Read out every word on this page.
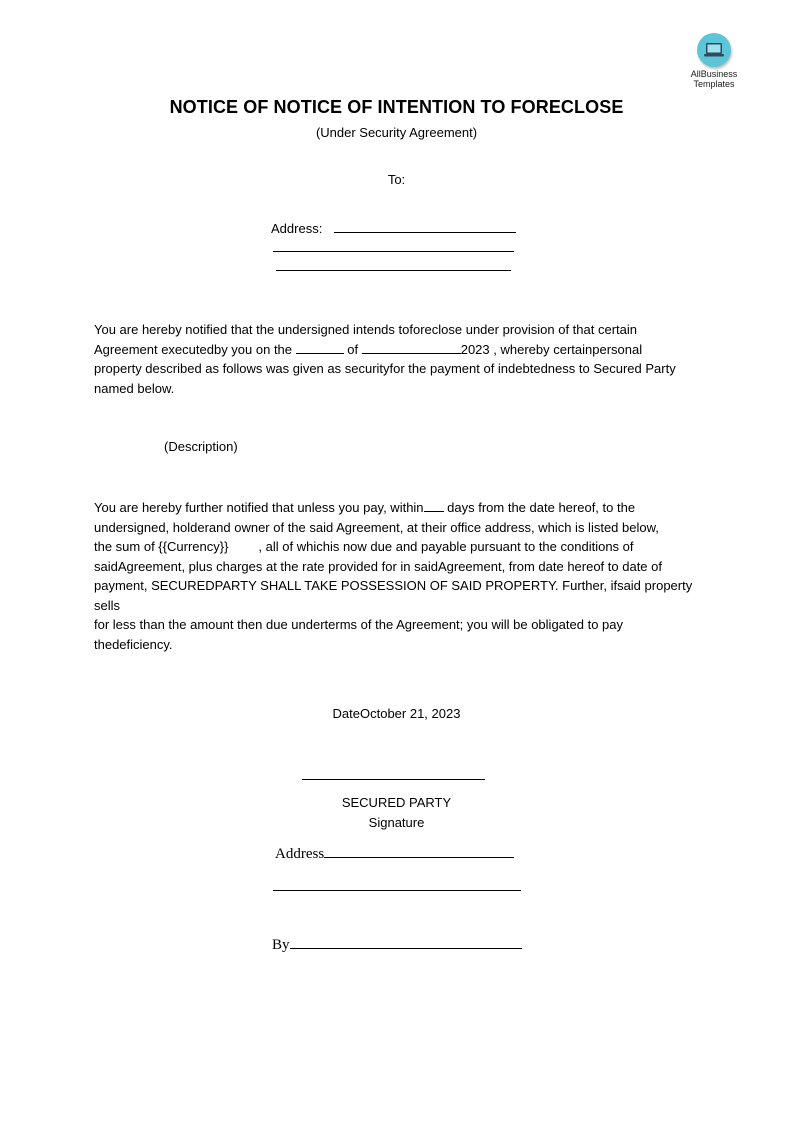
AllBusiness
Templates
NOTICE OF NOTICE OF INTENTION TO FORECLOSE
(Under Security Agreement)
To:
Address:
You are hereby notified that the undersigned intends toforeclose under provision of that certain
Agreement executedby you on the	of	2023 , whereby certainpersonal
property described as follows was given as securityfor the payment of indebtedness to Secured Party
named below.
(Description)
You are hereby further notified that unless you pay, within days from the date hereof, to the
undersigned, holderand owner of the said Agreement, at their office address, which is listed below,
the sum of {{Currency}} , all of whichis now due and payable pursuant to the conditions of
saidAgreement, plus charges at the rate provided for in saidAgreement, from date hereof to date of
payment, SECUREDPARTY SHALL TAKE POSSESSION OF SAID PROPERTY. Further, ifsaid property sells
for less than the amount then due underterms of the Agreement; you will be obligated to pay
thedeficiency.
DateOctober 21, 2023
SECURED PARTY
Signature
Address
By
